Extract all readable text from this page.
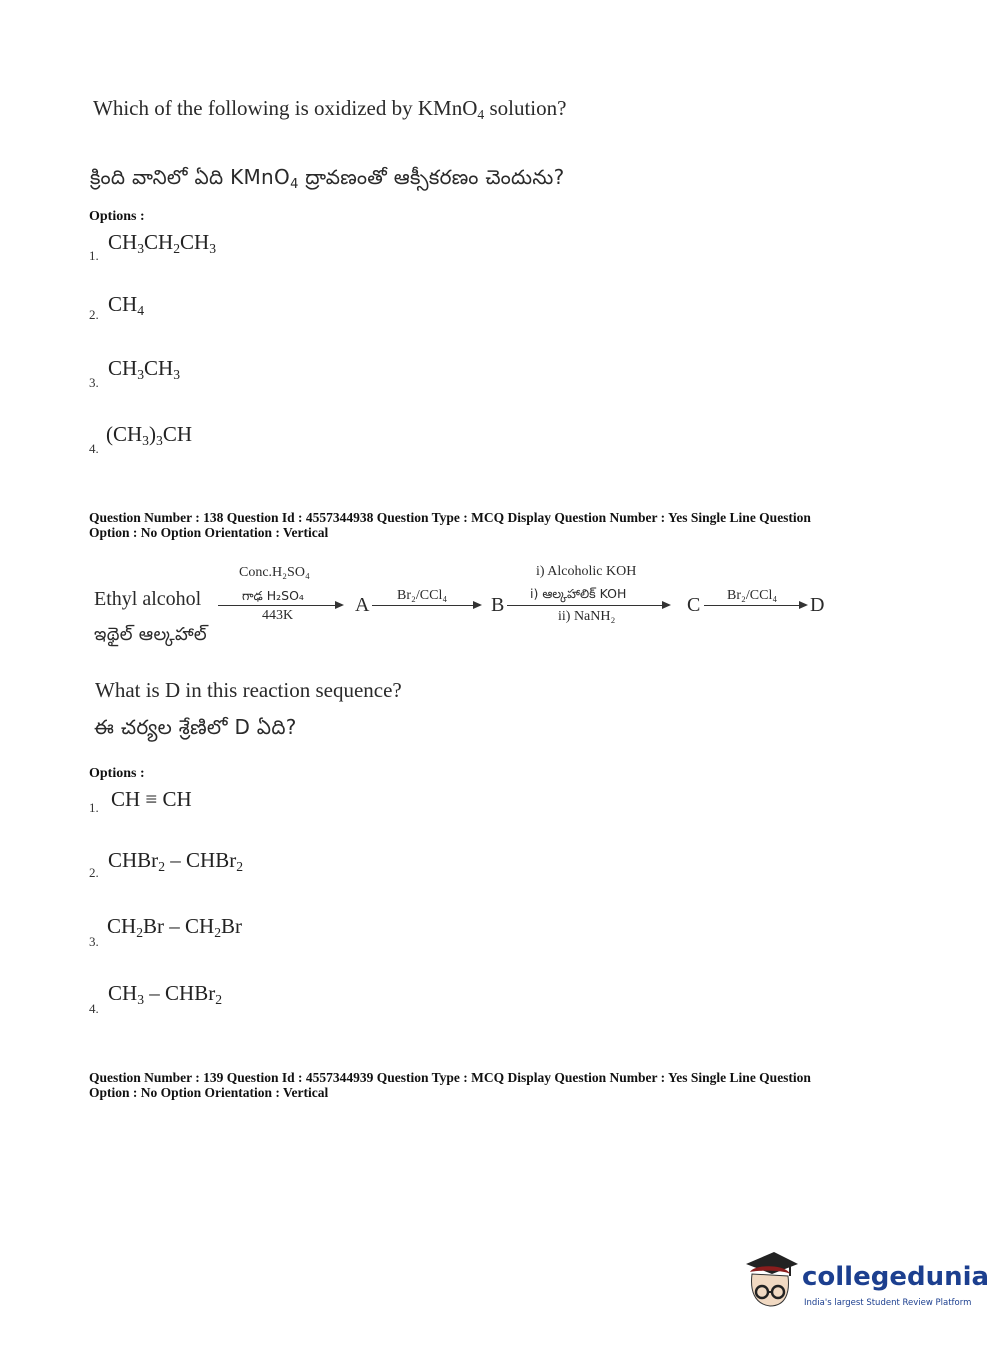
Which of the following is oxidized by KMnO$_4$ solution?
క్రింది వానిలో ఏది KMnO$_4$ ద్రావణంతో ఆక్సీకరణం చెందును?
Options :
1.
$CH_3CH_2CH_3$
2. $CH_4$
3.
$CH_3CH_3$
4.
$(CH_3)_3CH$
Question Number : 138 Question Id : 4557344938 Question Type : MCQ Display Question Number : Yes Single Line Question
Option : No Option Orientation : Vertical
Ethyl alcohol
ఇథైల్ ఆల్కహాల్
Conc.H₂SO₄
గాఢ H₂SO₄
443K	A Br₂/CCl₄ B
i) Alcoholic KOH
i) ఆల్కహాలిక్ KOH
ii) NaNH₂
C Br₂/CCl₄ D
What is D in this reaction sequence?
ఈ చర్యల శ్రేణిలో D ఏది?
Options :
1. CH ≡ CH
2.
CHBr$_2$ – CHBr$_2$
3.
$CH_2Br - CH_2Br$
4.
$CH_3$ – CHBr$_2$
Question Number : 139 Question Id : 4557344939 Question Type : MCQ Display Question Number : Yes Single Line Question
Option : No Option Orientation : Vertical
collegedunia
India's largest Student Review Platform
